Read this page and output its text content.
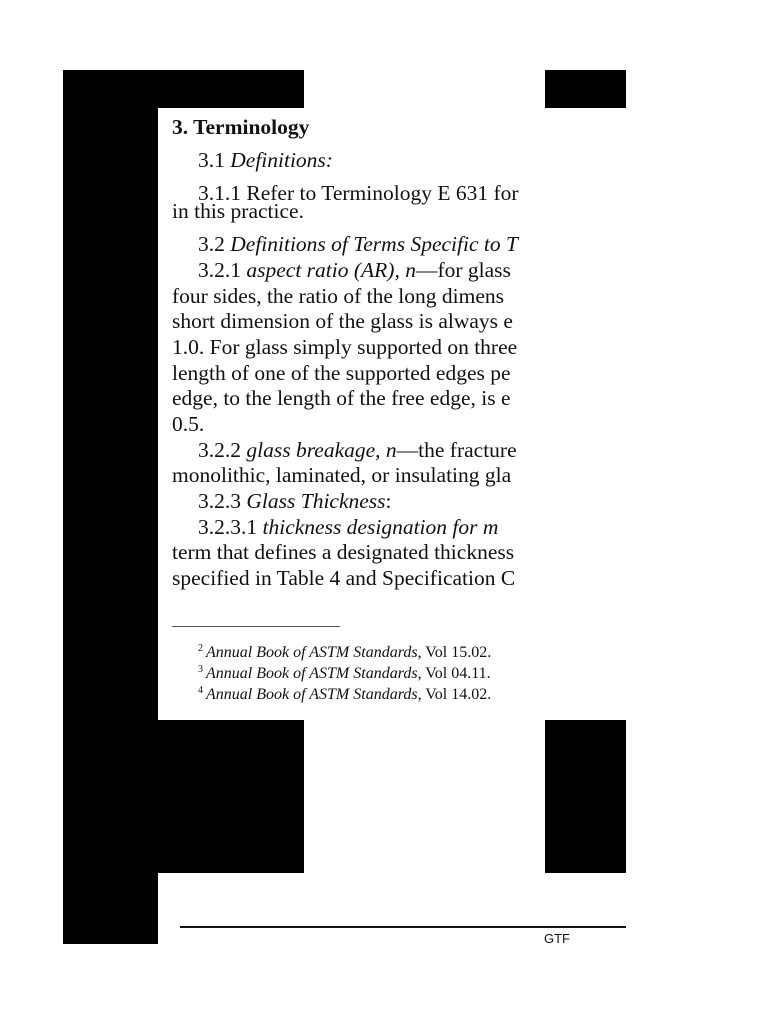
3. Terminology
3.1 Definitions:
3.1.1 Refer to Terminology E 631 for
in this practice.
3.2 Definitions of Terms Specific to T
3.2.1 aspect ratio (AR), n—for glass
four sides, the ratio of the long dimens
short dimension of the glass is always e
1.0. For glass simply supported on three
length of one of the supported edges pe
edge, to the length of the free edge, is e
0.5.
3.2.2 glass breakage, n—the fracture
monolithic, laminated, or insulating gla
3.2.3 Glass Thickness:
3.2.3.1 thickness designation for m
term that defines a designated thickness
specified in Table 4 and Specification C
$^2$ Annual Book of ASTM Standards, Vol 15.02.
$^3$ Annual Book of ASTM Standards, Vol 04.11.
$^4$ Annual Book of ASTM Standards, Vol 14.02.
GTF
